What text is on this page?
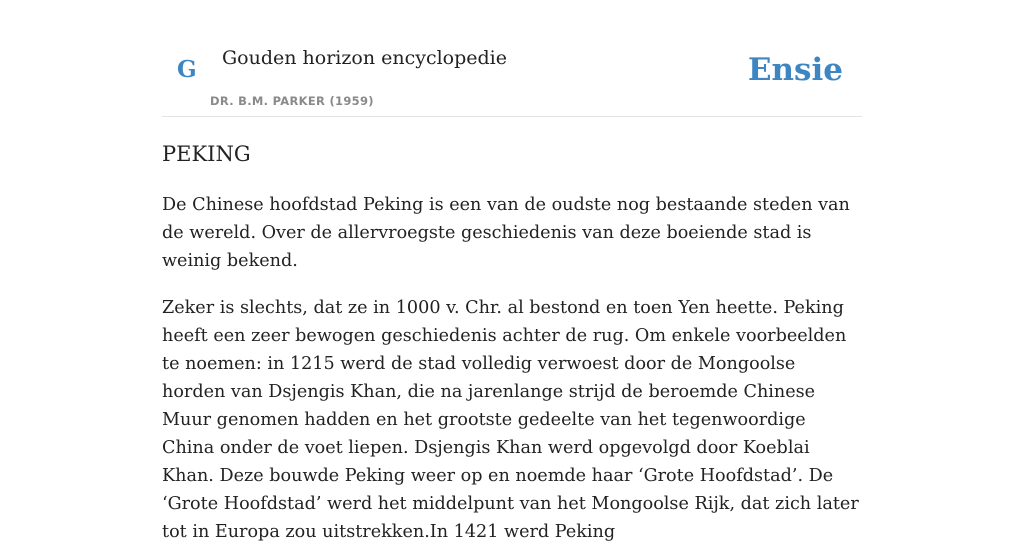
G Gouden horizon encyclopedie
DR. B.M. PARKER (1959)
Ensie
PEKING

De Chinese hoofdstad Peking is een van de oudste nog bestaande steden van de wereld. Over de allervroegste geschiedenis van deze boeiende stad is weinig bekend.

Zeker is slechts, dat ze in 1000 v. Chr. al bestond en toen Yen heette. Peking heeft een zeer bewogen geschiedenis achter de rug. Om enkele voorbeelden te noemen: in 1215 werd de stad volledig verwoest door de Mongoolse horden van Dsjengis Khan, die na jarenlange strijd de beroemde Chinese Muur genomen hadden en het grootste gedeelte van het tegenwoordige China onder de voet liepen. Dsjengis Khan werd opgevolgd door Koeblai Khan. Deze bouwde Peking weer op en noemde haar ‘Grote Hoofdstad’. De ‘Grote Hoofdstad’ werd het middelpunt van het Mongoolse Rijk, dat zich later tot in Europa zou uitstrekken.In 1421 werd Peking
